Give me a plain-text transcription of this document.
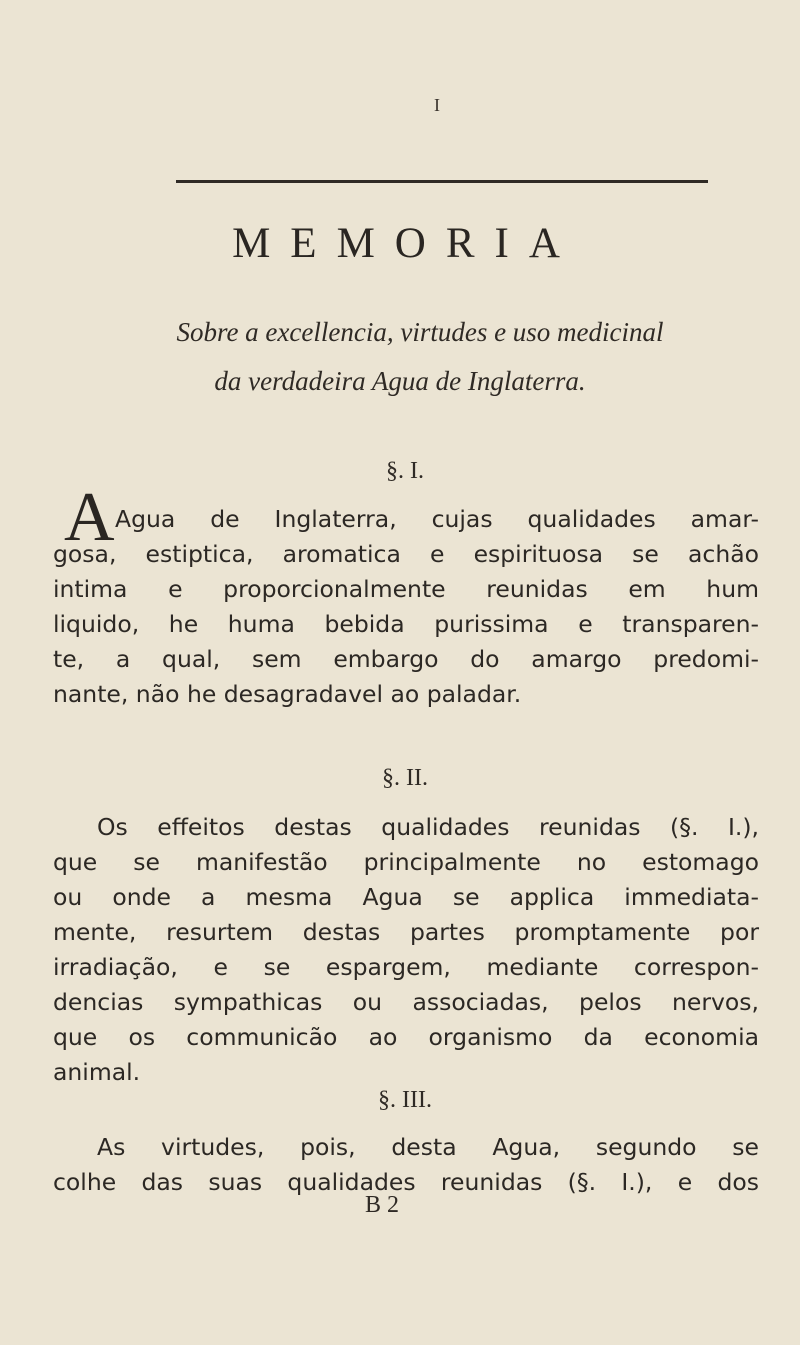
I
MEMORIA
Sobre a excellencia, virtudes e uso medicinal
da verdadeira Agua de Inglaterra.
§. I.
A Agua de Inglaterra, cujas qualidades amar-
gosa, estiptica, aromatica e espirituosa se achão
intima e proporcionalmente reunidas em hum
liquido, he huma bebida purissima e transparen-
te, a qual, sem embargo do amargo predomi-
nante, não he desagradavel ao paladar.
§. II.
Os effeitos destas qualidades reunidas (§. I.),
que se manifestão principalmente no estomago
ou onde a mesma Agua se applica immediata-
mente, resurtem destas partes promptamente por
irradiação, e se espargem, mediante correspon-
dencias sympathicas ou associadas, pelos nervos,
que os communicão ao organismo da economia
animal.
§. III.
As virtudes, pois, desta Agua, segundo se
colhe das suas qualidades reunidas (§. I.), e dos
B 2
